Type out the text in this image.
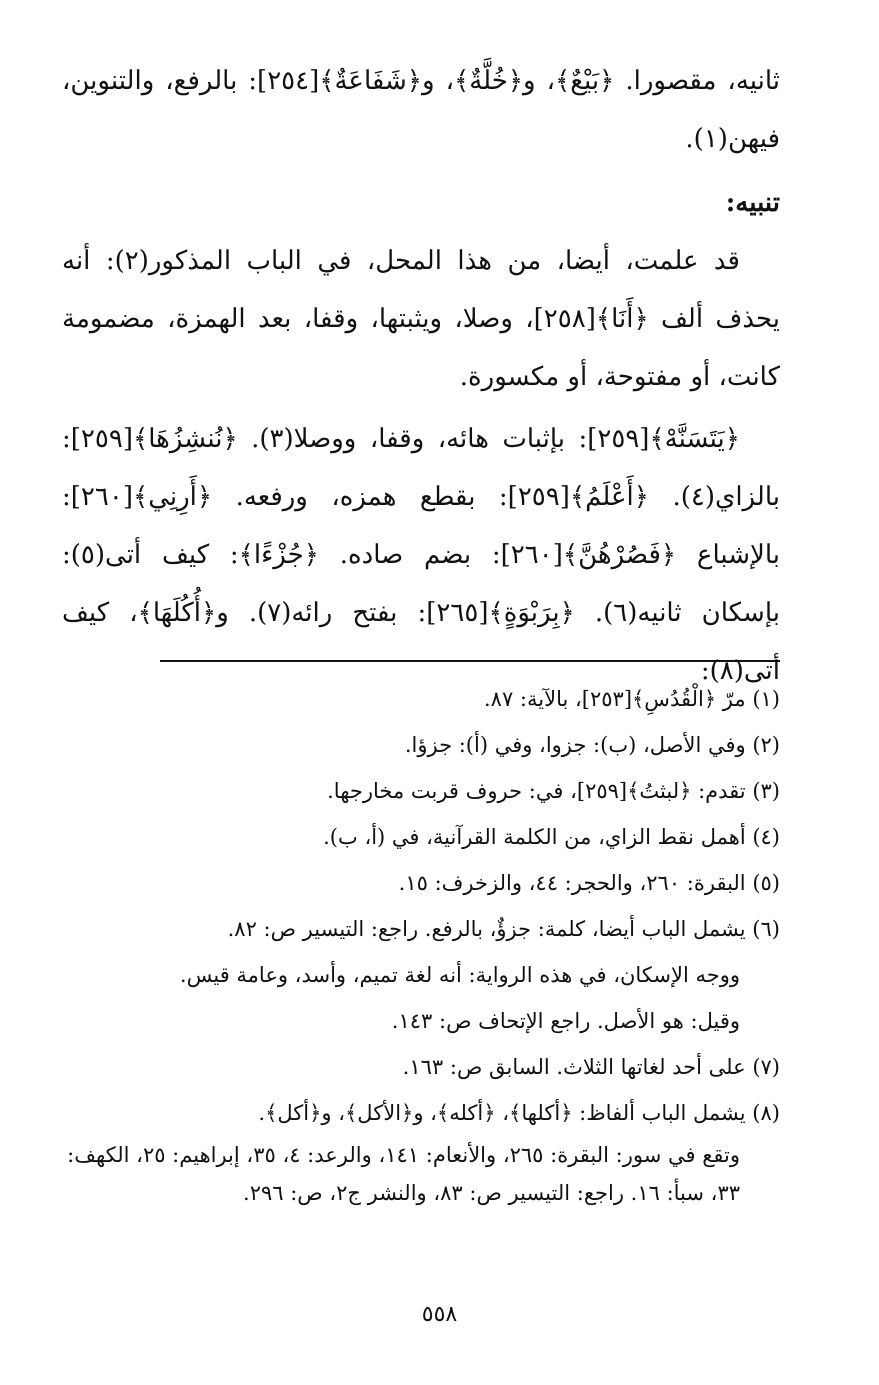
ثانيه، مقصورا. ﴿بَيْعٌ﴾، و﴿خُلَّةٌ﴾، و﴿شَفَاعَةٌ﴾[٢٥٤]: بالرفع، والتنوين، فيهن(١).

تنبيه:

قد علمت، أيضا، من هذا المحل، في الباب المذكور(٢): أنه يحذف ألف ﴿أَنَا﴾[٢٥٨]، وصلا، ويثبتها، وقفا، بعد الهمزة، مضمومة كانت، أو مفتوحة، أو مكسورة.

﴿يَتَسَنَّهْ﴾[٢٥٩]: بإثبات هائه، وقفا، ووصلا(٣). ﴿نُنشِزُهَا﴾[٢٥٩]: بالزاي(٤). ﴿أَعْلَمُ﴾[٢٥٩]: بقطع همزه، ورفعه. ﴿أَرِنِي﴾[٢٦٠]: بالإشباع ﴿فَصُرْهُنَّ﴾[٢٦٠]: بضم صاده. ﴿جُزْءًا﴾: كيف أتى(٥): بإسكان ثانيه(٦). ﴿بِرَبْوَةٍ﴾[٢٦٥]: بفتح رائه(٧). و﴿أُكُلَهَا﴾، كيف أتى(٨):

(١) مرّ ﴿الْقُدُسِ﴾[٢٥٣]، بالآية: ٨٧.

(٢) وفي الأصل، (ب): جزوا، وفي (أ): جزؤا.

(٣) تقدم: ﴿لبثتُ﴾[٢٥٩]، في: حروف قربت مخارجها.

(٤) أهمل نقط الزاي، من الكلمة القرآنية، في (أ، ب).

(٥) البقرة: ٢٦٠، والحجر: ٤٤، والزخرف: ١٥.

(٦) يشمل الباب أيضا، كلمة: جزؤٌ، بالرفع. راجع: التيسير ص: ٨٢.

ووجه الإسكان، في هذه الرواية: أنه لغة تميم، وأسد، وعامة قيس.

وقيل: هو الأصل. راجع الإتحاف ص: ١٤٣.

(٧) على أحد لغاتها الثلاث. السابق ص: ١٦٣.

(٨) يشمل الباب ألفاظ: ﴿أكلها﴾، ﴿أكله﴾، و﴿الأكل﴾، و﴿أكل﴾.

وتقع في سور: البقرة: ٢٦٥، والأنعام: ١٤١، والرعد: ٤، ٣٥، إبراهيم: ٢٥، الكهف: ٣٣، سبأ: ١٦. راجع: التيسير ص: ٨٣، والنشر ج٢، ص: ٢٩٦.

٥٥٨
